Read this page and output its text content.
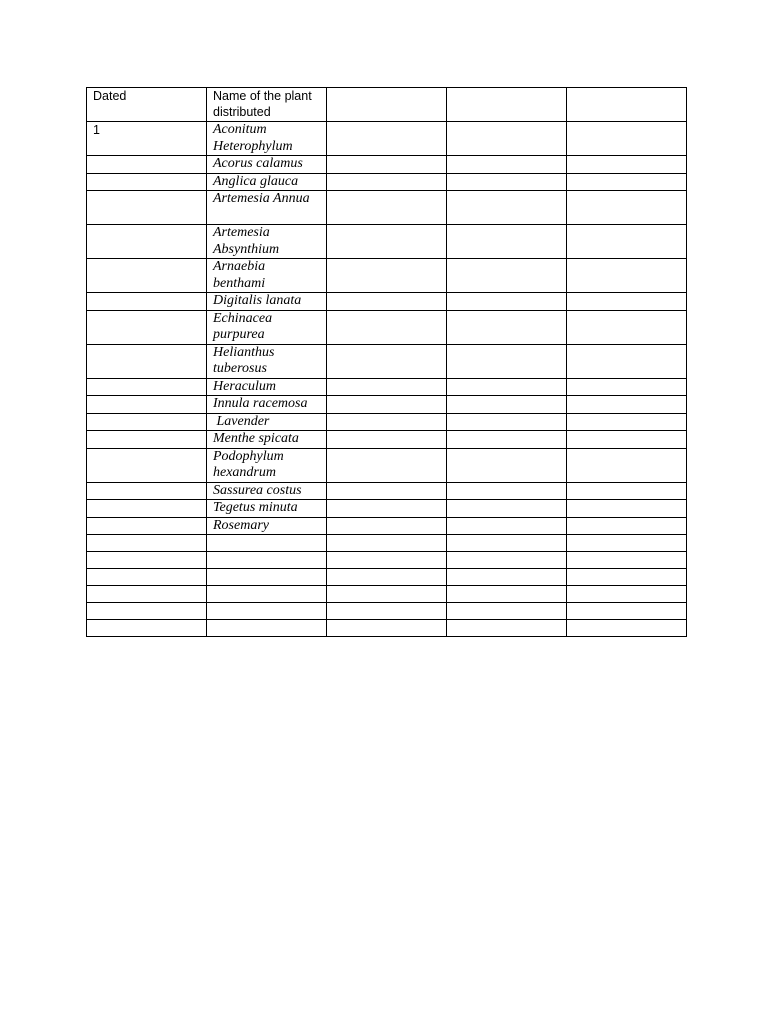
Dated	Name of the plant distributed			
1	Aconitum Heterophylum			
	Acorus calamus			
	Anglica glauca			
	Artemesia Annua			
	Artemesia Absynthium			
	Arnaebia benthami			
	Digitalis lanata			
	Echinacea purpurea			
	Helianthus tuberosus			
	Heraculum			
	Innula racemosa			
	Lavender			
	Menthe spicata			
	Podophylum hexandrum			
	Sassurea costus			
	Tegetus minuta			
	Rosemary			
